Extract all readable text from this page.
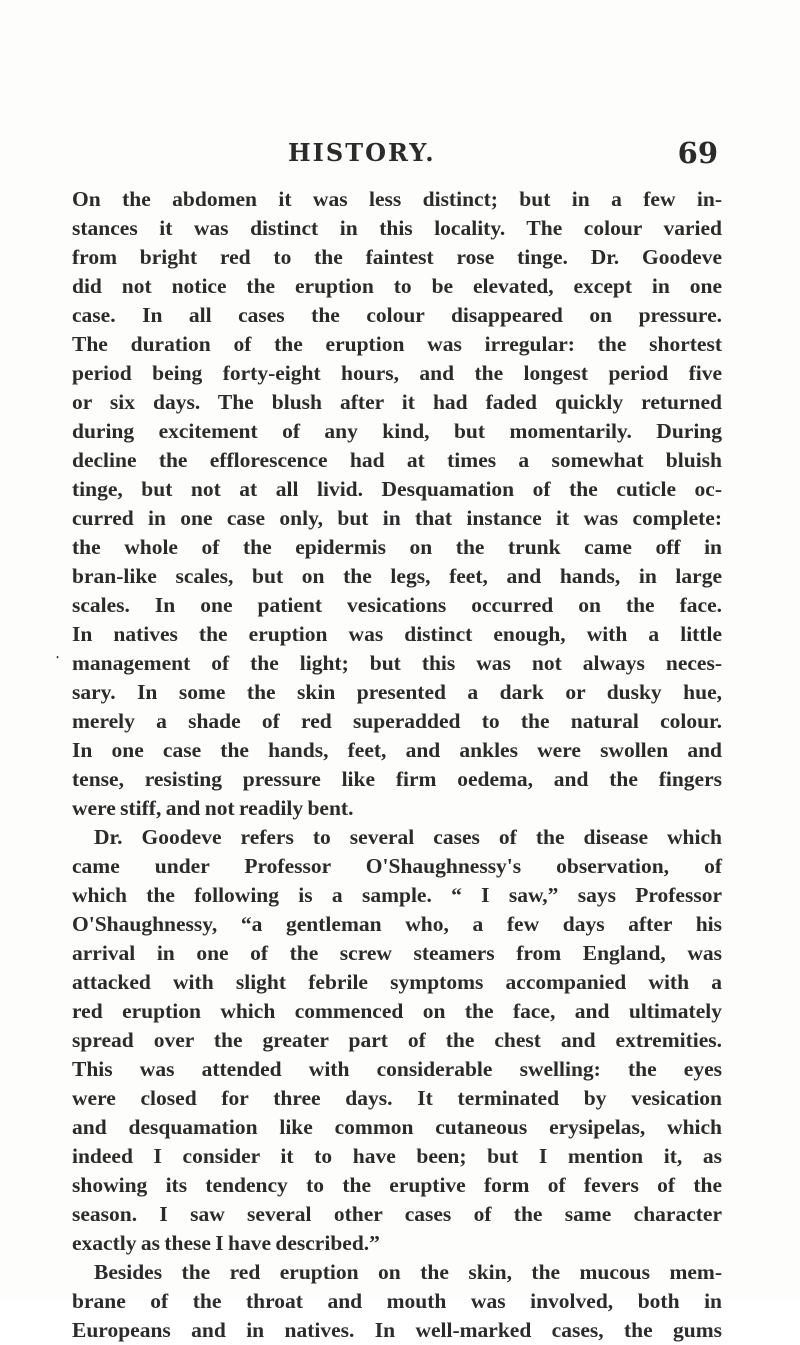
HISTORY.	69
‧
On the abdomen it was less distinct; but in a few in-
stances it was distinct in this locality. The colour varied
from bright red to the faintest rose tinge. Dr. Goodeve
did not notice the eruption to be elevated, except in one
case. In all cases the colour disappeared on pressure.
The duration of the eruption was irregular: the shortest
period being forty-eight hours, and the longest period five
or six days. The blush after it had faded quickly returned
during excitement of any kind, but momentarily. During
decline the efflorescence had at times a somewhat bluish
tinge, but not at all livid. Desquamation of the cuticle oc-
curred in one case only, but in that instance it was complete:
the whole of the epidermis on the trunk came off in
bran-like scales, but on the legs, feet, and hands, in large
scales. In one patient vesications occurred on the face.
In natives the eruption was distinct enough, with a little
management of the light; but this was not always neces-
sary. In some the skin presented a dark or dusky hue,
merely a shade of red superadded to the natural colour.
In one case the hands, feet, and ankles were swollen and
tense, resisting pressure like firm oedema, and the fingers
were stiff, and not readily bent.
Dr. Goodeve refers to several cases of the disease which
came under Professor O'Shaughnessy's observation, of
which the following is a sample. “ I saw,” says Professor
O'Shaughnessy, “a gentleman who, a few days after his
arrival in one of the screw steamers from England, was
attacked with slight febrile symptoms accompanied with a
red eruption which commenced on the face, and ultimately
spread over the greater part of the chest and extremities.
This was attended with considerable swelling: the eyes
were closed for three days. It terminated by vesication
and desquamation like common cutaneous erysipelas, which
indeed I consider it to have been; but I mention it, as
showing its tendency to the eruptive form of fevers of the
season. I saw several other cases of the same character
exactly as these I have described.”
Besides the red eruption on the skin, the mucous mem-
brane of the throat and mouth was involved, both in
Europeans and in natives. In well-marked cases, the gums
